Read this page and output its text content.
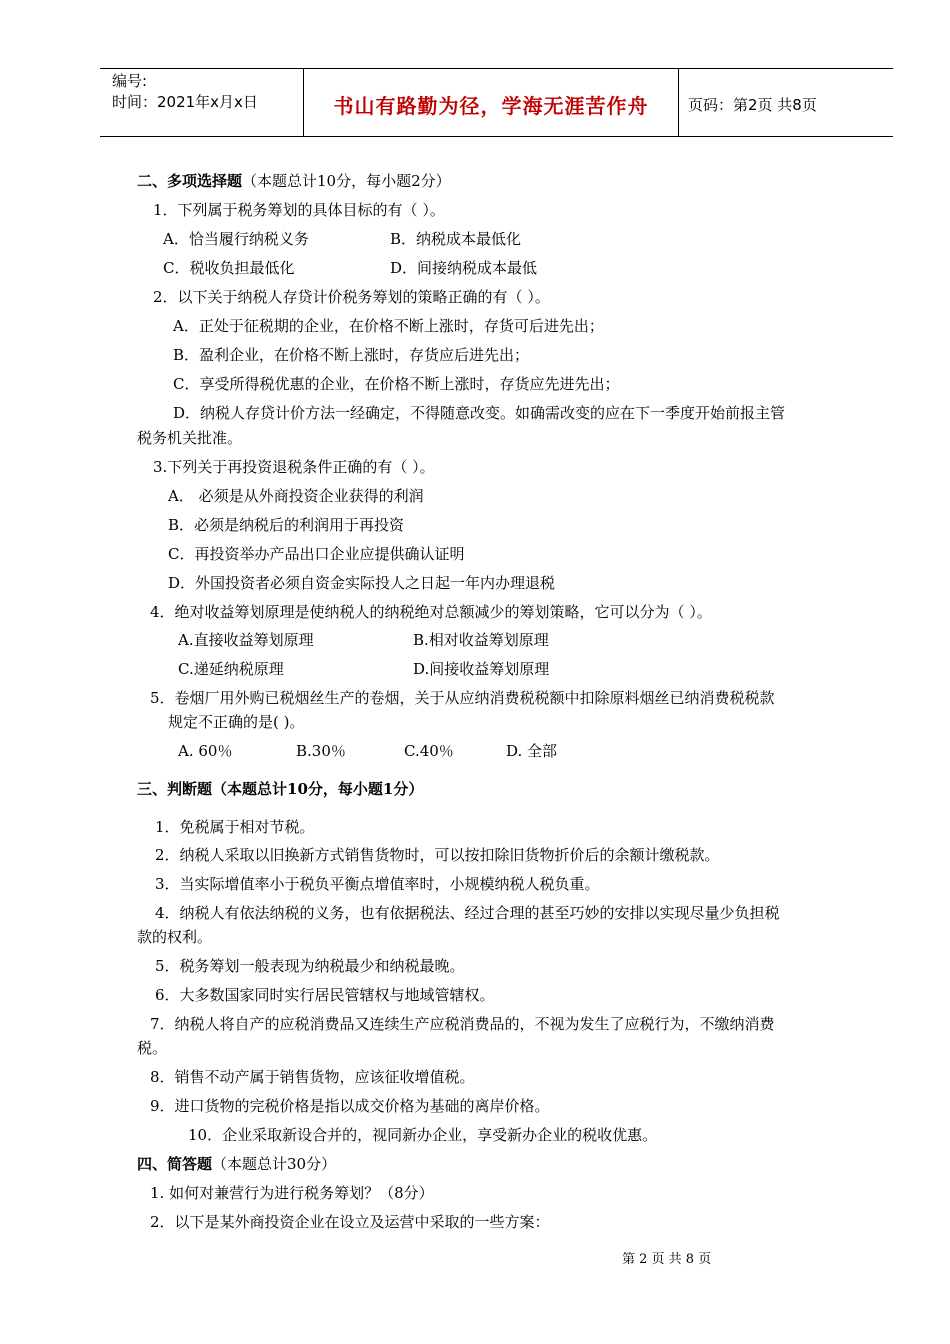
编号:
时间：2021年x月x日	书山有路勤为径，学海无涯苦作舟	页码：第2页 共8页
二、多项选择题（本题总计10分，每小题2分）
1．下列属于税务筹划的具体目标的有（ ）。
A．恰当履行纳税义务	B．纳税成本最低化
C．税收负担最低化	D．间接纳税成本最低
2．以下关于纳税人存贷计价税务筹划的策略正确的有（ ）。
A．正处于征税期的企业，在价格不断上涨时，存货可后进先出；
B．盈利企业，在价格不断上涨时，存货应后进先出；
C．享受所得税优惠的企业，在价格不断上涨时，存货应先进先出；
D．纳税人存贷计价方法一经确定，不得随意改变。如确需改变的应在下一季度开始前报主管
税务机关批准。
3.下列关于再投资退税条件正确的有（ ）。
A． 必须是从外商投资企业获得的利润
B．必须是纳税后的利润用于再投资
C．再投资举办产品出口企业应提供确认证明
D．外国投资者必须自资金实际投人之日起一年内办理退税
4．绝对收益筹划原理是使纳税人的纳税绝对总额减少的筹划策略，它可以分为（ ）。
A.直接收益筹划原理	B.相对收益筹划原理
C.递延纳税原理	D.间接收益筹划原理
5．卷烟厂用外购已税烟丝生产的卷烟，关于从应纳消费税税额中扣除原料烟丝已纳消费税税款
规定不正确的是( )。
A. 60％	B.30％	C.40％	D. 全部
三、判断题（本题总计10分，每小题1分）
1．免税属于相对节税。
2．纳税人采取以旧换新方式销售货物时，可以按扣除旧货物折价后的余额计缴税款。
3．当实际增值率小于税负平衡点增值率时，小规模纳税人税负重。
4．纳税人有依法纳税的义务，也有依据税法、经过合理的甚至巧妙的安排以实现尽量少负担税
款的权利。
5．税务筹划一般表现为纳税最少和纳税最晚。
6．大多数国家同时实行居民管辖权与地域管辖权。
7．纳税人将自产的应税消费品又连续生产应税消费品的，不视为发生了应税行为，不缴纳消费
税。
8．销售不动产属于销售货物，应该征收增值税。
9．进口货物的完税价格是指以成交价格为基础的离岸价格。
10．企业采取新设合并的，视同新办企业，享受新办企业的税收优惠。
四、简答题（本题总计30分）
1. 如何对兼营行为进行税务筹划？（8分）
2．以下是某外商投资企业在设立及运营中采取的一些方案：
第 2 页 共 8 页
